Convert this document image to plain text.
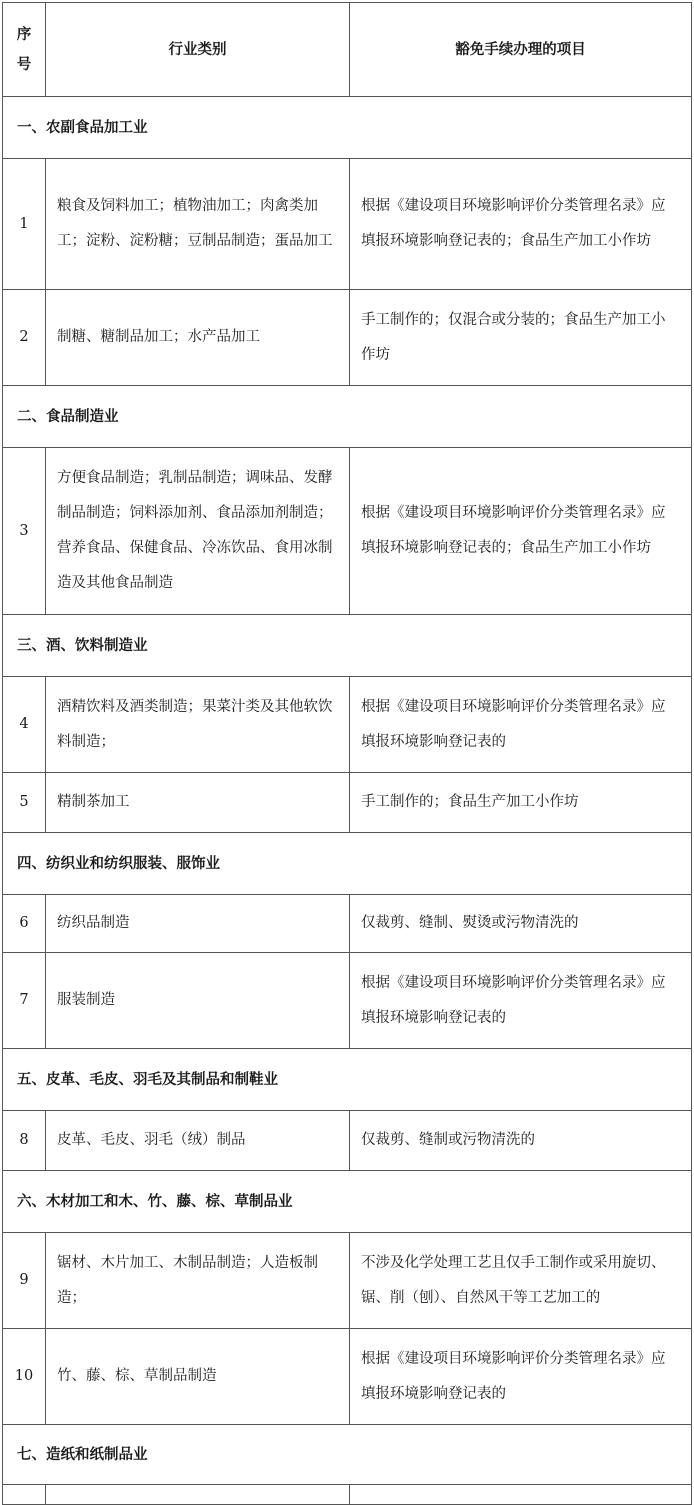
序
号	行业类别	豁免手续办理的项目
一、农副食品加工业		
1	粮食及饲料加工；植物油加工；肉禽类加工；淀粉、淀粉糖；豆制品制造；蛋品加工	根据《建设项目环境影响评价分类管理名录》应填报环境影响登记表的；食品生产加工小作坊
2	制糖、糖制品加工；水产品加工	手工制作的；仅混合或分装的；食品生产加工小作坊
二、食品制造业		
3	方便食品制造；乳制品制造；调味品、发酵制品制造；饲料添加剂、食品添加剂制造；营养食品、保健食品、冷冻饮品、食用冰制造及其他食品制造	根据《建设项目环境影响评价分类管理名录》应填报环境影响登记表的；食品生产加工小作坊
三、酒、饮料制造业		
4	酒精饮料及酒类制造；果菜汁类及其他软饮料制造；	根据《建设项目环境影响评价分类管理名录》应填报环境影响登记表的
5	精制茶加工	手工制作的；食品生产加工小作坊
四、纺织业和纺织服装、服饰业		
6	纺织品制造	仅裁剪、缝制、熨烫或污物清洗的
7	服装制造	根据《建设项目环境影响评价分类管理名录》应填报环境影响登记表的
五、皮革、毛皮、羽毛及其制品和制鞋业		
8	皮革、毛皮、羽毛（绒）制品	仅裁剪、缝制或污物清洗的
六、木材加工和木、竹、藤、棕、草制品业		
9	锯材、木片加工、木制品制造；人造板制造；	不涉及化学处理工艺且仅手工制作或采用旋切、锯、削（刨）、自然风干等工艺加工的
10	竹、藤、棕、草制品制造	根据《建设项目环境影响评价分类管理名录》应填报环境影响登记表的
七、造纸和纸制品业		
